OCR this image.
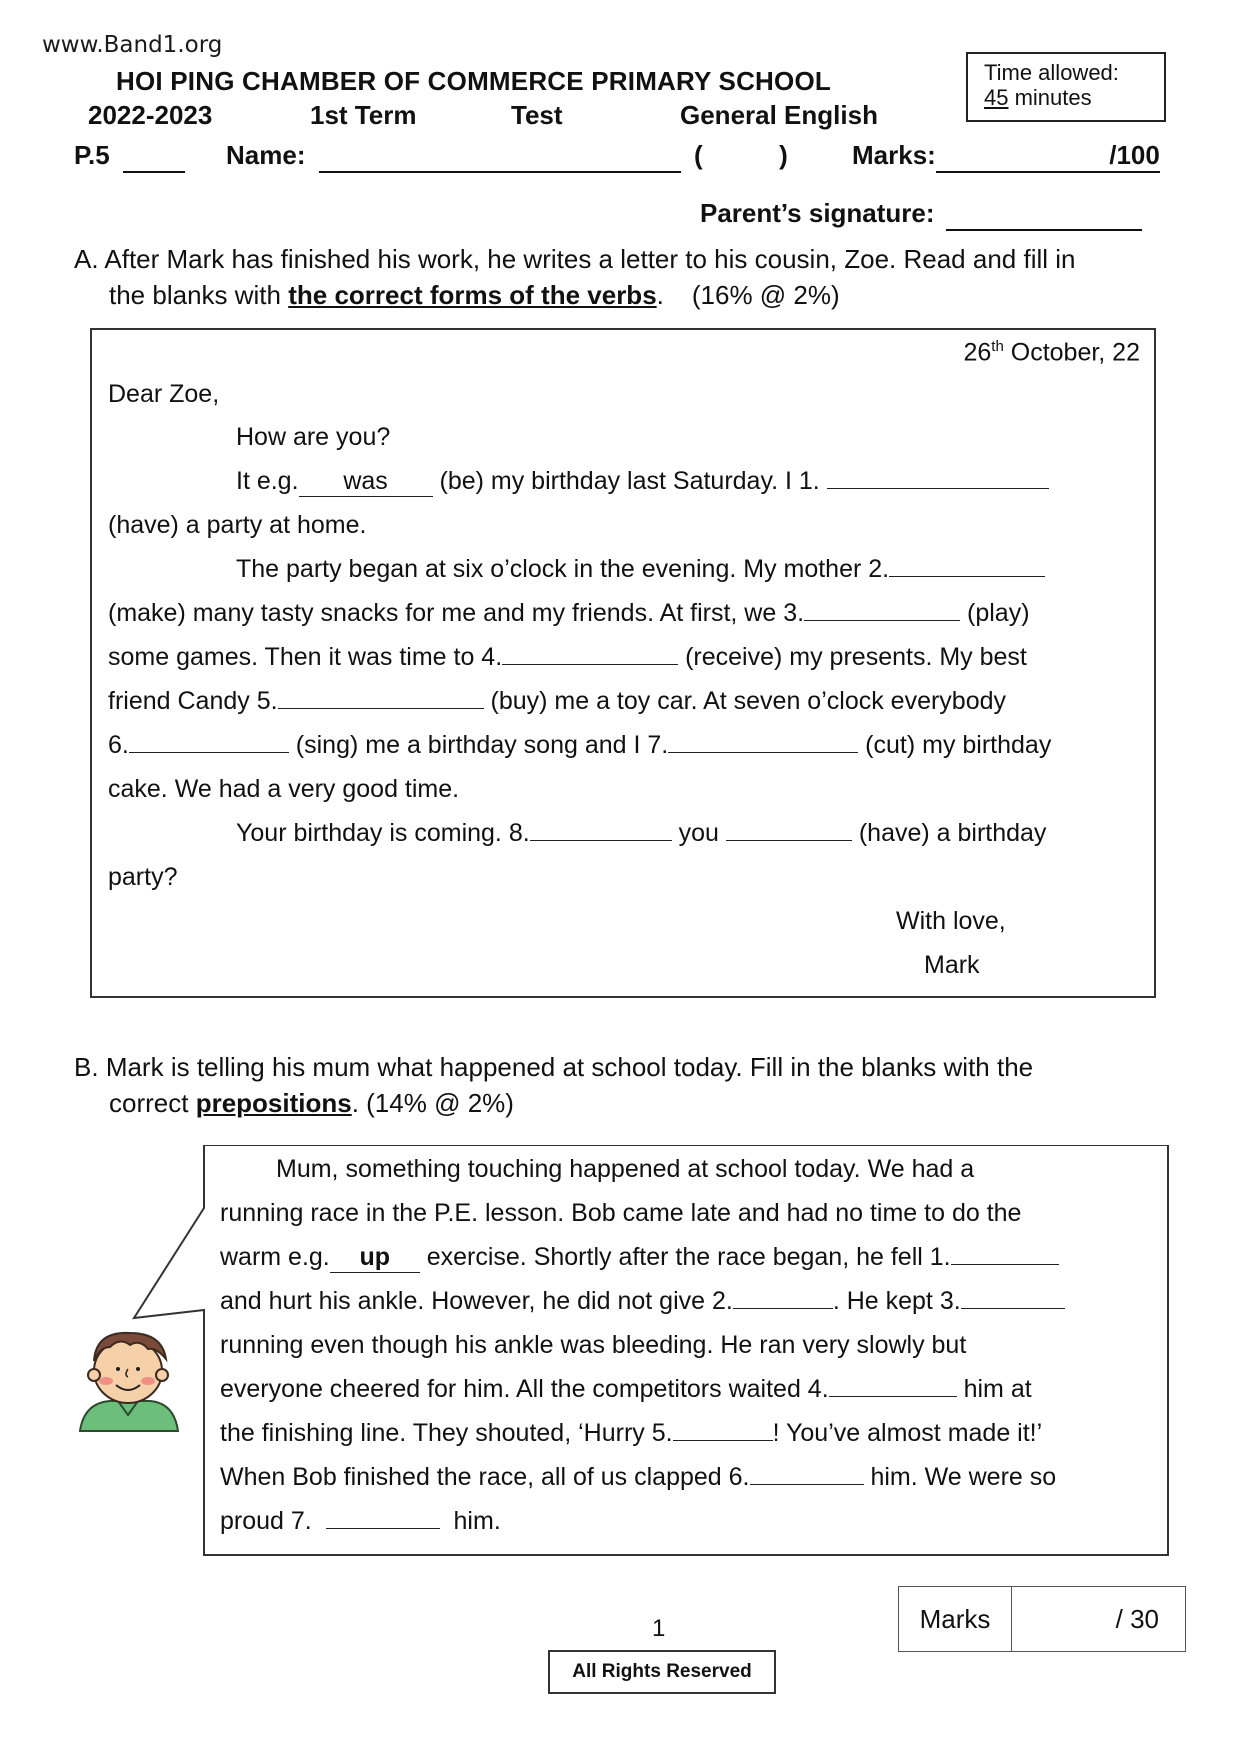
www.Band1.org
HOI PING CHAMBER OF COMMERCE PRIMARY SCHOOL
2022-2023	1st Term	Test	General English
Time allowed:
45 minutes
P.5	Name:	(	) Marks:	/100
Parent’s signature:
A. After Mark has finished his work, he writes a letter to his cousin, Zoe. Read and fill in
the blanks with the correct forms of the verbs. (16% @ 2%)
26th October, 22
Dear Zoe,
How are you?
It e.g. was (be) my birthday last Saturday. I 1.
(have) a party at home.
The party began at six o’clock in the evening. My mother 2.
(make) many tasty snacks for me and my friends. At first, we 3.	(play)
some games. Then it was time to 4.	(receive) my presents. My best
friend Candy 5.	(buy) me a toy car. At seven o’clock everybody
6.	(sing) me a birthday song and I 7.	(cut) my birthday
cake. We had a very good time.
Your birthday is coming. 8.	you	(have) a birthday
party?
With love,
Mark
B. Mark is telling his mum what happened at school today. Fill in the blanks with the
correct prepositions. (14% @ 2%)
Mum, something touching happened at school today. We had a
running race in the P.E. lesson. Bob came late and had no time to do the
warm e.g. up exercise. Shortly after the race began, he fell 1.
and hurt his ankle. However, he did not give 2.	. He kept 3.
running even though his ankle was bleeding. He ran very slowly but
everyone cheered for him. All the competitors waited 4.	him at
the finishing line. They shouted, ‘Hurry 5.	! You’ve almost made it!’
When Bob finished the race, all of us clapped 6.	him. We were so
proud 7.	him.
Marks	/ 30
1
All Rights Reserved
